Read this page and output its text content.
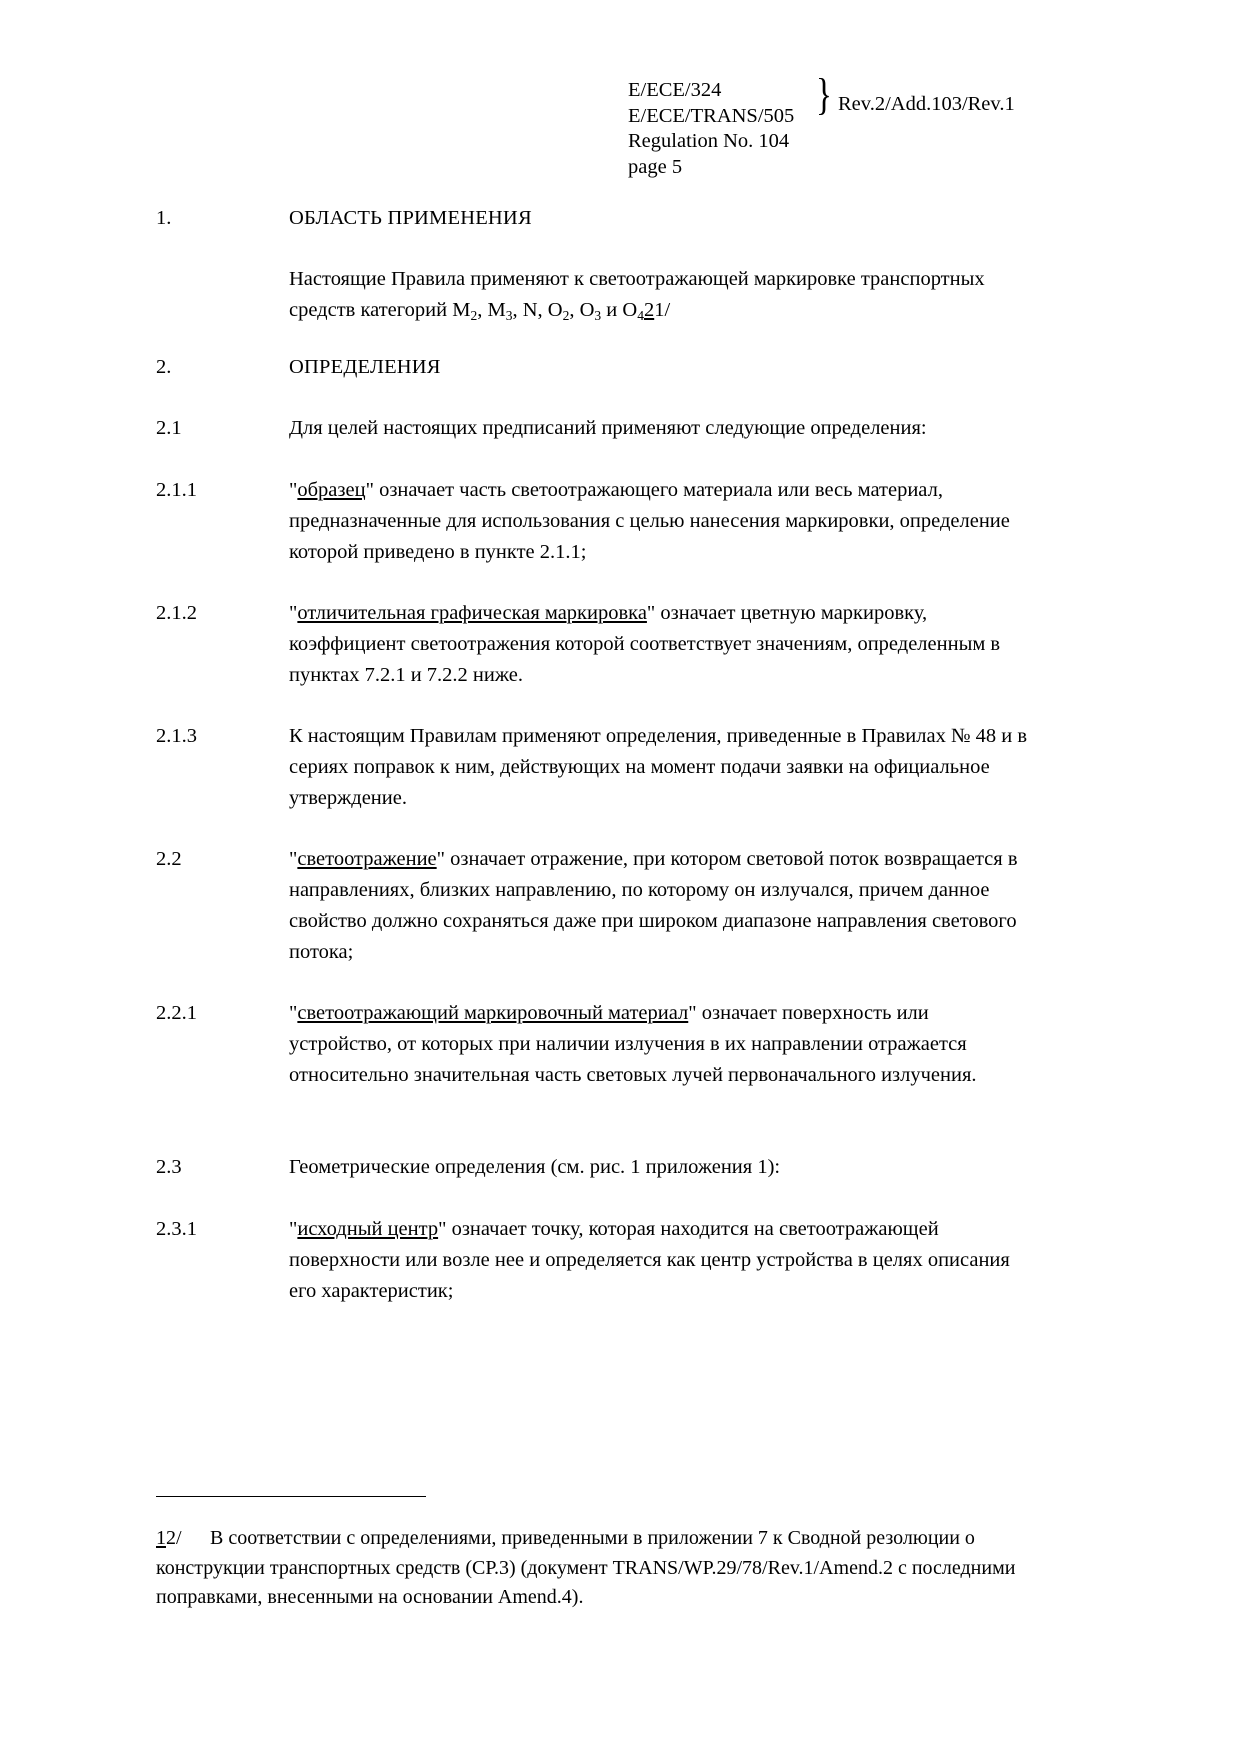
E/ECE/324
E/ECE/TRANS/505
Regulation No. 104
page 5
} Rev.2/Add.103/Rev.1
1.	ОБЛАСТЬ ПРИМЕНЕНИЯ
Настоящие Правила применяют к светоотражающей маркировке транспортных средств категорий $М_2$, $М_3$, N, $O_2$, $O_3$ и $O_421/$
2.	ОПРЕДЕЛЕНИЯ
2.1	Для целей настоящих предписаний применяют следующие определения:
2.1.1	"образец" означает часть светоотражающего материала или весь материал, предназначенные для использования с целью нанесения маркировки, определение которой приведено в пункте 2.1.1;
2.1.2	"отличительная графическая маркировка" означает цветную маркировку, коэффициент светоотражения которой соответствует значениям, определенным в пунктах 7.2.1 и 7.2.2 ниже.
2.1.3	К настоящим Правилам применяют определения, приведенные в Правилах № 48 и в сериях поправок к ним, действующих на момент подачи заявки на официальное утверждение.
2.2	"светоотражение" означает отражение, при котором световой поток возвращается в направлениях, близких направлению, по которому он излучался, причем данное свойство должно сохраняться даже при широком диапазоне направления светового потока;
2.2.1	"светоотражающий маркировочный материал" означает поверхность или устройство, от которых при наличии излучения в их направлении отражается относительно значительная часть световых лучей первоначального излучения.
2.3	Геометрические определения (см. рис. 1 приложения 1):
2.3.1	"исходный центр" означает точку, которая находится на светоотражающей поверхности или возле нее и определяется как центр устройства в целях описания его характеристик;
12/ В соответствии с определениями, приведенными в приложении 7 к Сводной резолюции о конструкции транспортных средств (СР.3) (документ TRANS/WP.29/78/Rev.1/Amend.2 с последними поправками, внесенными на основании Amend.4).
